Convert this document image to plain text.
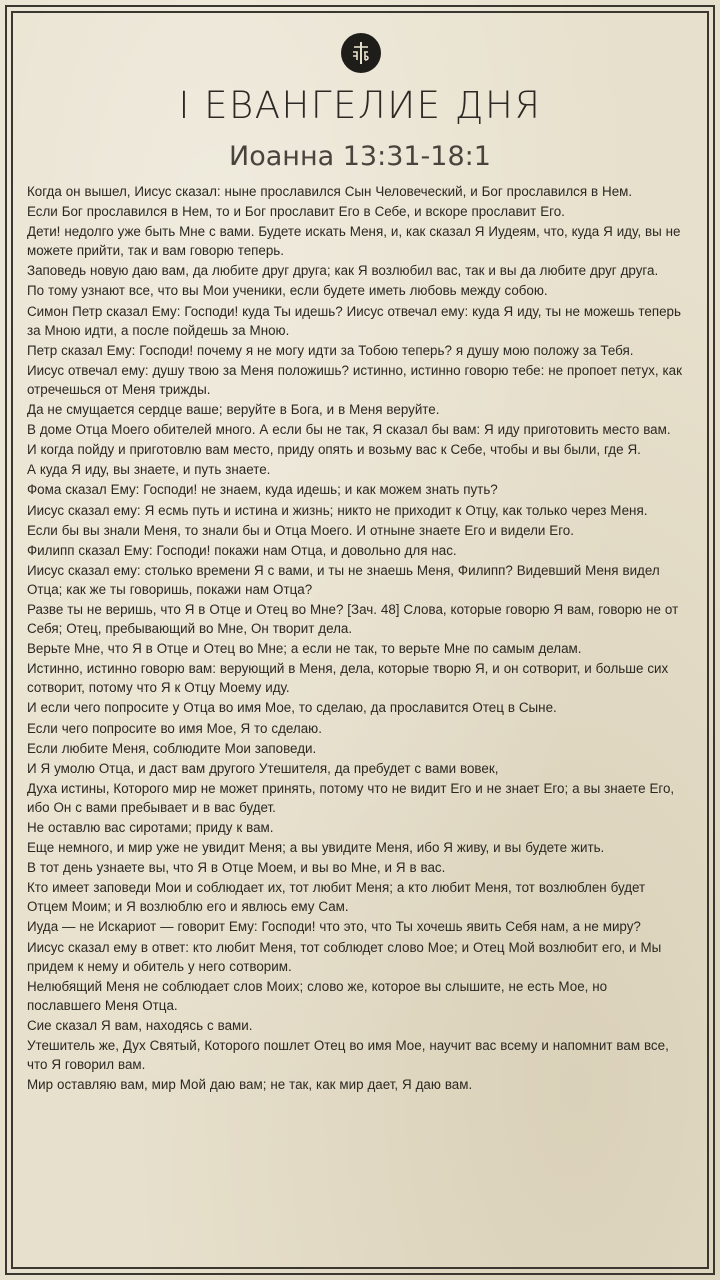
I ЕВАНГЕЛИЕ ДНЯ
Иоанна 13:31-18:1
Когда он вышел, Иисус сказал: ныне прославился Сын Человеческий, и Бог прославился в Нем.
Если Бог прославился в Нем, то и Бог прославит Его в Себе, и вскоре прославит Его.
Дети! недолго уже быть Мне с вами. Будете искать Меня, и, как сказал Я Иудеям, что, куда Я иду, вы не можете прийти, так и вам говорю теперь.
Заповедь новую даю вам, да любите друг друга; как Я возлюбил вас, так и вы да любите друг друга.
По тому узнают все, что вы Мои ученики, если будете иметь любовь между собою.
Симон Петр сказал Ему: Господи! куда Ты идешь? Иисус отвечал ему: куда Я иду, ты не можешь теперь за Мною идти, а после пойдешь за Мною.
Петр сказал Ему: Господи! почему я не могу идти за Тобою теперь? я душу мою положу за Тебя.
Иисус отвечал ему: душу твою за Меня положишь? истинно, истинно говорю тебе: не пропоет петух, как отречешься от Меня трижды.
Да не смущается сердце ваше; веруйте в Бога, и в Меня веруйте.
В доме Отца Моего обителей много. А если бы не так, Я сказал бы вам: Я иду приготовить место вам.
И когда пойду и приготовлю вам место, приду опять и возьму вас к Себе, чтобы и вы были, где Я.
А куда Я иду, вы знаете, и путь знаете.
Фома сказал Ему: Господи! не знаем, куда идешь; и как можем знать путь?
Иисус сказал ему: Я есмь путь и истина и жизнь; никто не приходит к Отцу, как только через Меня.
Если бы вы знали Меня, то знали бы и Отца Моего. И отныне знаете Его и видели Его.
Филипп сказал Ему: Господи! покажи нам Отца, и довольно для нас.
Иисус сказал ему: столько времени Я с вами, и ты не знаешь Меня, Филипп? Видевший Меня видел Отца; как же ты говоришь, покажи нам Отца?
Разве ты не веришь, что Я в Отце и Отец во Мне? [Зач. 48] Слова, которые говорю Я вам, говорю не от Себя; Отец, пребывающий во Мне, Он творит дела.
Верьте Мне, что Я в Отце и Отец во Мне; а если не так, то верьте Мне по самым делам.
Истинно, истинно говорю вам: верующий в Меня, дела, которые творю Я, и он сотворит, и больше сих сотворит, потому что Я к Отцу Моему иду.
И если чего попросите у Отца во имя Мое, то сделаю, да прославится Отец в Сыне.
Если чего попросите во имя Мое, Я то сделаю.
Если любите Меня, соблюдите Мои заповеди.
И Я умолю Отца, и даст вам другого Утешителя, да пребудет с вами вовек,
Духа истины, Которого мир не может принять, потому что не видит Его и не знает Его; а вы знаете Его, ибо Он с вами пребывает и в вас будет.
Не оставлю вас сиротами; приду к вам.
Еще немного, и мир уже не увидит Меня; а вы увидите Меня, ибо Я живу, и вы будете жить.
В тот день узнаете вы, что Я в Отце Моем, и вы во Мне, и Я в вас.
Кто имеет заповеди Мои и соблюдает их, тот любит Меня; а кто любит Меня, тот возлюблен будет Отцем Моим; и Я возлюблю его и явлюсь ему Сам.
Иуда — не Искариот — говорит Ему: Господи! что это, что Ты хочешь явить Себя нам, а не миру?
Иисус сказал ему в ответ: кто любит Меня, тот соблюдет слово Мое; и Отец Мой возлюбит его, и Мы придем к нему и обитель у него сотворим.
Нелюбящий Меня не соблюдает слов Моих; слово же, которое вы слышите, не есть Мое, но пославшего Меня Отца.
Сие сказал Я вам, находясь с вами.
Утешитель же, Дух Святый, Которого пошлет Отец во имя Мое, научит вас всему и напомнит вам все, что Я говорил вам.
Мир оставляю вам, мир Мой даю вам; не так, как мир дает, Я даю вам.
